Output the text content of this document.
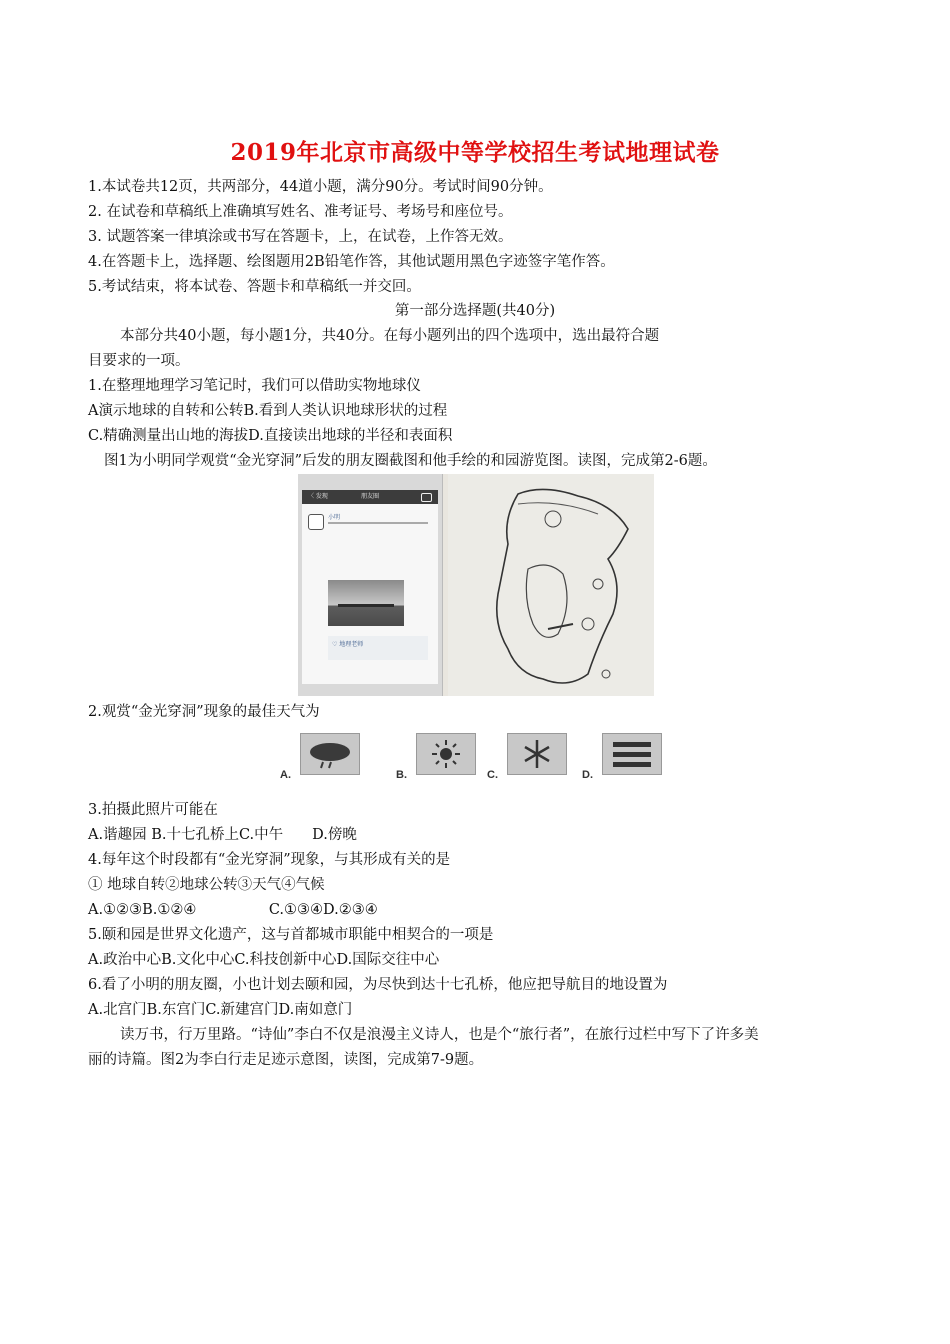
2019年北京市高级中等学校招生考试地理试卷
1.本试卷共12页，共两部分，44道小题，满分90分。考试时间90分钟。
2. 在试卷和草稿纸上准确填写姓名、准考证号、考场号和座位号。
3. 试题答案一律填涂或书写在答题卡，上，在试卷，上作答无效。
4.在答题卡上，选择题、绘图题用2B铅笔作答，其他试题用黑色字迹签字笔作答。
5.考试结束，将本试卷、答题卡和草稿纸一并交回。
第一部分选择题(共40分)
本部分共40小题，每小题1分，共40分。在每小题列出的四个选项中，选出最符合题
目要求的一项。
1.在整理地理学习笔记时，我们可以借助实物地球仪
A演示地球的自转和公转B.看到人类认识地球形状的过程
C.精确测量出山地的海拔D.直接读出地球的半径和表面积
图1为小明同学观赏“金光穿洞”后发的朋友圈截图和他手绘的和园游览图。读图，完成第2-6题。
〈 发现	朋友圈
小明
♡ 地理老师
2.观赏“金光穿洞”现象的最佳天气为
A.	B.	C.	D.
3.拍摄此照片可能在
A.谐趣园 B.十七孔桥上C.中午　　D.傍晚
4.每年这个时段都有“金光穿洞”现象，与其形成有关的是
① 地球自转②地球公转③天气④气候
A.①②③B.①②④　　　　　C.①③④D.②③④
5.颐和园是世界文化遗产，这与首都城市职能中相契合的一项是
A.政治中心B.文化中心C.科技创新中心D.国际交往中心
6.看了小明的朋友圈，小也计划去颐和园，为尽快到达十七孔桥，他应把导航目的地设置为
A.北宫门B.东宫门C.新建宫门D.南如意门
读万书，行万里路。“诗仙”李白不仅是浪漫主义诗人，也是个“旅行者”，在旅行过栏中写下了许多美
丽的诗篇。图2为李白行走足迹示意图，读图，完成第7-9题。
